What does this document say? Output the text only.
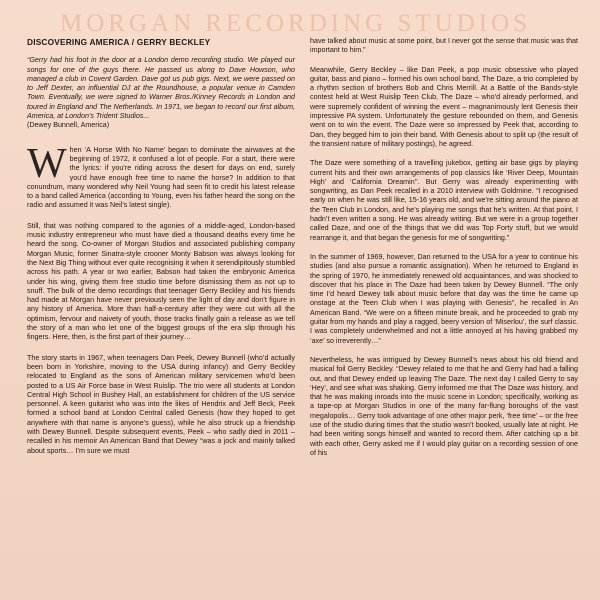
MORGAN RECORDING STUDIOS
DISCOVERING AMERICA / GERRY BECKLEY

“Gerry had his foot in the door at a London demo recording studio. We played our songs for one of the guys there. He passed us along to Dave Howson, who managed a club in Covent Garden. Dave got us pub gigs. Next, we were passed on to Jeff Dexter, an influential DJ at the Roundhouse, a popular venue in Camden Town. Eventually, we were signed to Warner Bros./Kinney Records in London and toured in England and The Netherlands. In 1971, we began to record our first album, America, at London’s Trident Studios...

(Dewey Bunnell, America)

When ‘A Horse With No Name’ began to dominate the airwaves at the beginning of 1972, it confused a lot of people. For a start, there were the lyrics: if you’re riding across the desert for days on end, surely you’d have enough free time to name the horse? In addition to that conundrum, many wondered why Neil Young had seen fit to credit his latest release to a band called America (according to Young, even his father heard the song on the radio and assumed it was Neil’s latest single).

Still, that was nothing compared to the agonies of a middle-aged, London-based music industry entrepreneur who must have died a thousand deaths every time he heard the song. Co-owner of Morgan Studios and associated publishing company Morgan Music, former Sinatra-style crooner Monty Babson was always looking for the Next Big Thing without ever quite recognising it when it serendipitously stumbled across his path. A year or two earlier, Babson had taken the embryonic America under his wing, giving them free studio time before dismissing them as not up to snuff. The bulk of the demo recordings that teenager Gerry Beckley and his friends had made at Morgan have never previously seen the light of day and don’t figure in any history of America. More than half-a-century after they were cut with all the optimism, fervour and naivety of youth, those tracks finally gain a release as we tell the story of a man who let one of the biggest groups of the era slip through his fingers. Here, then, is the first part of their journey…

The story starts in 1967, when teenagers Dan Peek, Dewey Bunnell (who’d actually been born in Yorkshire, moving to the USA during infancy) and Gerry Beckley relocated to England as the sons of American military servicemen who’d been posted to a US Air Force base in West Ruislip. The trio were all students at London Central High School in Bushey Hall, an establishment for children of the US service personnel. A keen guitarist who was into the likes of Hendrix and Jeff Beck, Peek formed a school band at London Central called Genesis (how they hoped to get anywhere with that name is anyone’s guess), while he also struck up a friendship with Dewey Bunnell. Despite subsequent events, Peek – who sadly died in 2011 – recalled in his memoir An American Band that Dewey “was a jock and mainly talked about sports… I’m sure we must

have talked about music at some point, but I never got the sense that music was that important to him.”

Meanwhile, Gerry Beckley – like Dan Peek, a pop music obsessive who played guitar, bass and piano – formed his own school band, The Daze, a trio completed by a rhythm section of brothers Bob and Chris Merrill. At a Battle of the Bands-style contest held at West Ruislip Teen Club, The Daze – who’d already performed, and were supremely confident of winning the event – magnanimously lent Genesis their impressive PA system. Unfortunately the gesture rebounded on them, and Genesis went on to win the event. The Daze were so impressed by Peek that, according to Dan, they begged him to join their band. With Genesis about to split up (the result of the transient nature of military postings), he agreed.

The Daze were something of a travelling jukebox, getting air base gigs by playing current hits and their own arrangements of pop classics like ‘River Deep, Mountain High’ and ‘California Dreamin’’. But Gerry was already experimenting with songwriting, as Dan Peek recalled in a 2010 interview with Goldmine. “I recognised early on when he was still like, 15-16 years old, and we’re sitting around the piano at the Teen Club in London, and he’s playing me songs that he’s written. At that point, I hadn’t even written a song. He was already writing. But we were in a group together called Daze, and one of the things that we did was Top Forty stuff, but we would rearrange it, and that began the genesis for me of songwriting.”

In the summer of 1969, however, Dan returned to the USA for a year to continue his studies (and also pursue a romantic assignation). When he returned to England in the spring of 1970, he immediately renewed old acquaintances, and was shocked to discover that his place in The Daze had been taken by Dewey Bunnell. “The only time I’d heard Dewey talk about music before that day was the time he came up onstage at the Teen Club when I was playing with Genesis”, he recalled in An American Band. “We were on a fifteen minute break, and he proceeded to grab my guitar from my hands and play a ragged, beery version of ‘Miserlou’, the surf classic. I was completely underwhelmed and not a little annoyed at his having grabbed my ‘axe’ so irreverently…”

Nevertheless, he was intrigued by Dewey Bunnell’s news about his old friend and musical foil Gerry Beckley. “Dewey related to me that he and Gerry had had a falling out, and that Dewey ended up leaving The Daze. The next day I called Gerry to say ‘Hey’, and see what was shaking. Gerry informed me that The Daze was history, and that he was making inroads into the music scene in London; specifically, working as a tape-op at Morgan Studios in one of the many far-flung boroughs of the vast megalopolis… Gerry took advantage of one other major perk, ‘free time’ – or the free use of the studio during times that the studio wasn’t booked, usually late at night. He had been writing songs himself and wanted to record them. After catching up a bit with each other, Gerry asked me if I would play guitar on a recording session of one of his
